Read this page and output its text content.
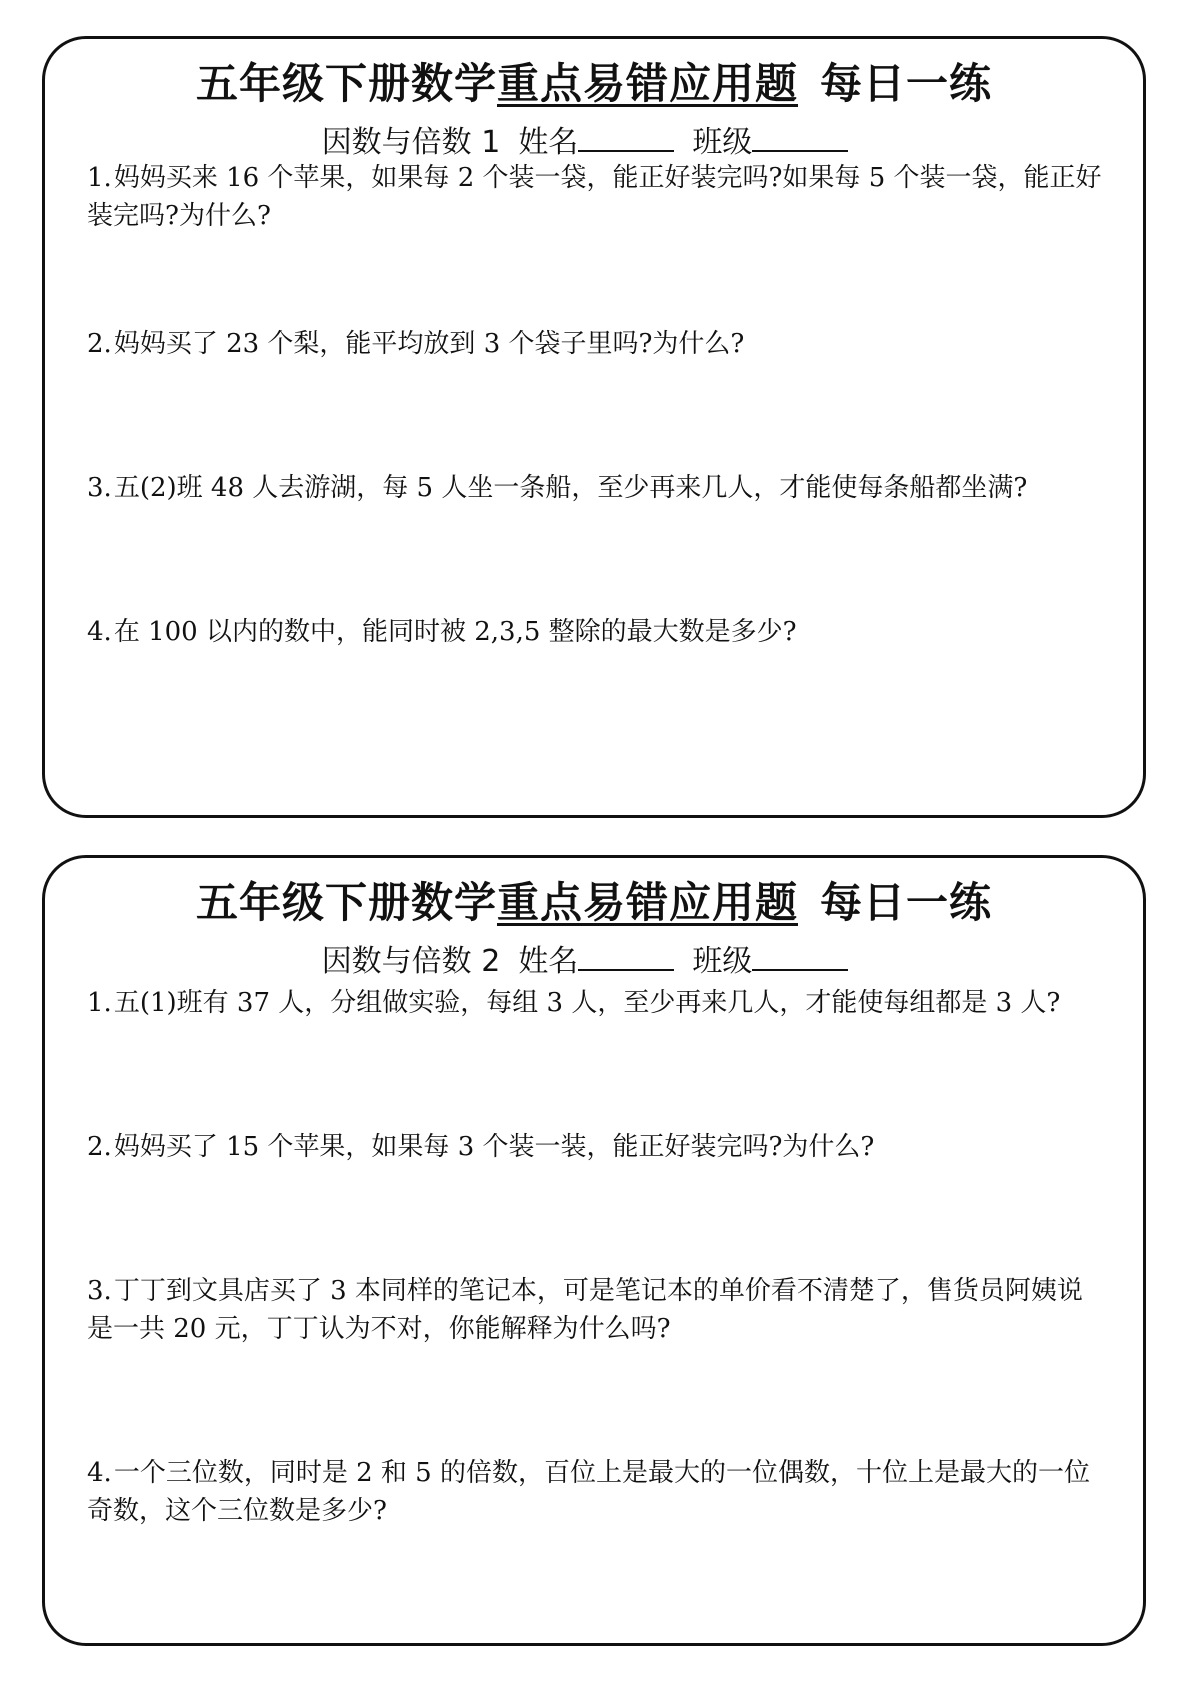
五年级下册数学重点易错应用题 每日一练
因数与倍数 1 姓名	班级
1.妈妈买来 16 个苹果，如果每 2 个装一袋，能正好装完吗?如果每 5 个装一袋，能正好装完吗?为什么?
2.妈妈买了 23 个梨，能平均放到 3 个袋子里吗?为什么?
3.五(2)班 48 人去游湖，每 5 人坐一条船，至少再来几人，才能使每条船都坐满?
4.在 100 以内的数中，能同时被 2,3,5 整除的最大数是多少?
五年级下册数学重点易错应用题 每日一练
因数与倍数 2 姓名	班级
1.五(1)班有 37 人，分组做实验，每组 3 人，至少再来几人，才能使每组都是 3 人?
2.妈妈买了 15 个苹果，如果每 3 个装一装，能正好装完吗?为什么?
3.丁丁到文具店买了 3 本同样的笔记本，可是笔记本的单价看不清楚了，售货员阿姨说是一共 20 元，丁丁认为不对，你能解释为什么吗?
4.一个三位数，同时是 2 和 5 的倍数，百位上是最大的一位偶数，十位上是最大的一位奇数，这个三位数是多少?
